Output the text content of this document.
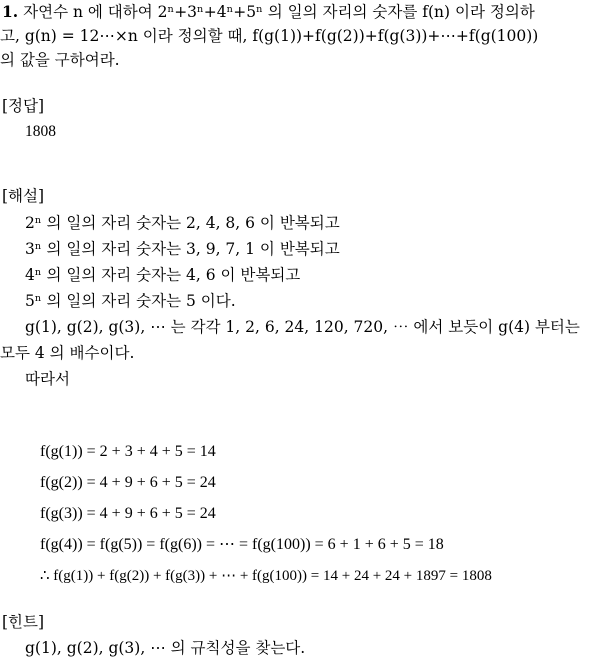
1. 자연수 n 에 대하여 2ⁿ+3ⁿ+4ⁿ+5ⁿ 의 일의 자리의 숫자를 f(n) 이라 정의하
고, g(n) = 12⋯×n 이라 정의할 때, f(g(1))+f(g(2))+f(g(3))+⋯+f(g(100))
의 값을 구하여라.
[정답]
1808
[해설]
2ⁿ 의 일의 자리 숫자는 2, 4, 8, 6 이 반복되고
3ⁿ 의 일의 자리 숫자는 3, 9, 7, 1 이 반복되고
4ⁿ 의 일의 자리 숫자는 4, 6 이 반복되고
5ⁿ 의 일의 자리 숫자는 5 이다.
g(1), g(2), g(3), ⋯ 는 각각 1, 2, 6, 24, 120, 720, ⋯ 에서 보듯이 g(4) 부터는
모두 4 의 배수이다.
따라서
f(g(1)) = 2 + 3 + 4 + 5 = 14
f(g(2)) = 4 + 9 + 6 + 5 = 24
f(g(3)) = 4 + 9 + 6 + 5 = 24
f(g(4)) = f(g(5)) = f(g(6)) = ⋯ = f(g(100)) = 6 + 1 + 6 + 5 = 18
∴ f(g(1)) + f(g(2)) + f(g(3)) + ⋯ + f(g(100)) = 14 + 24 + 24 + 1897 = 1808
[힌트]
g(1), g(2), g(3), ⋯ 의 규칙성을 찾는다.
